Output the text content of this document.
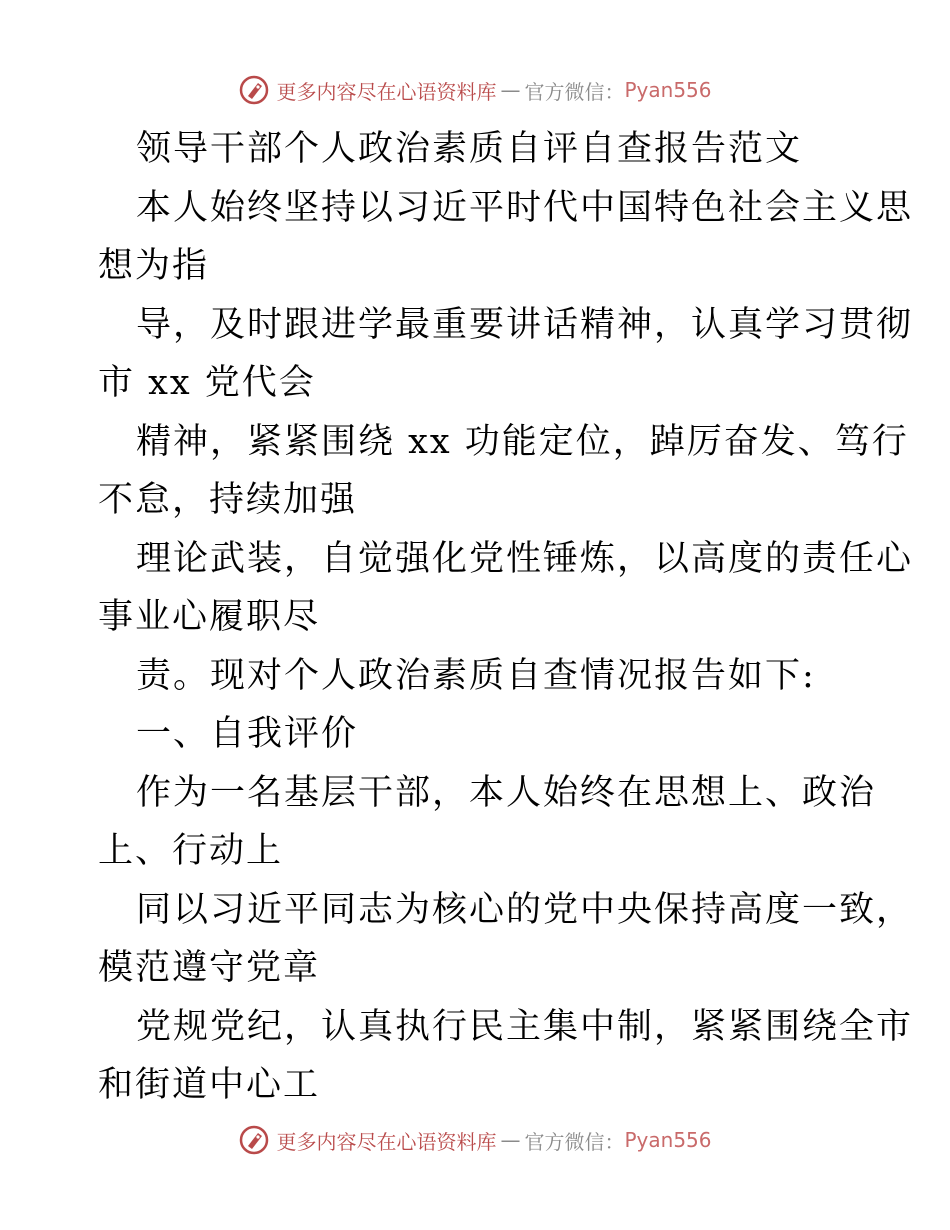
更多内容尽在心语资料库 — 官方微信： Pyan556
领导干部个人政治素质自评自查报告范文
本人始终坚持以习近平时代中国特色社会主义思
想为指
导，及时跟进学最重要讲话精神，认真学习贯彻
市 xx 党代会
精神，紧紧围绕 xx 功能定位，踔厉奋发、笃行
不怠，持续加强
理论武装，自觉强化党性锤炼，以高度的责任心
事业心履职尽
责。现对个人政治素质自查情况报告如下:
一、自我评价
作为一名基层干部，本人始终在思想上、政治
上、行动上
同以习近平同志为核心的党中央保持高度一致，
模范遵守党章
党规党纪，认真执行民主集中制，紧紧围绕全市
和街道中心工
更多内容尽在心语资料库 — 官方微信： Pyan556
